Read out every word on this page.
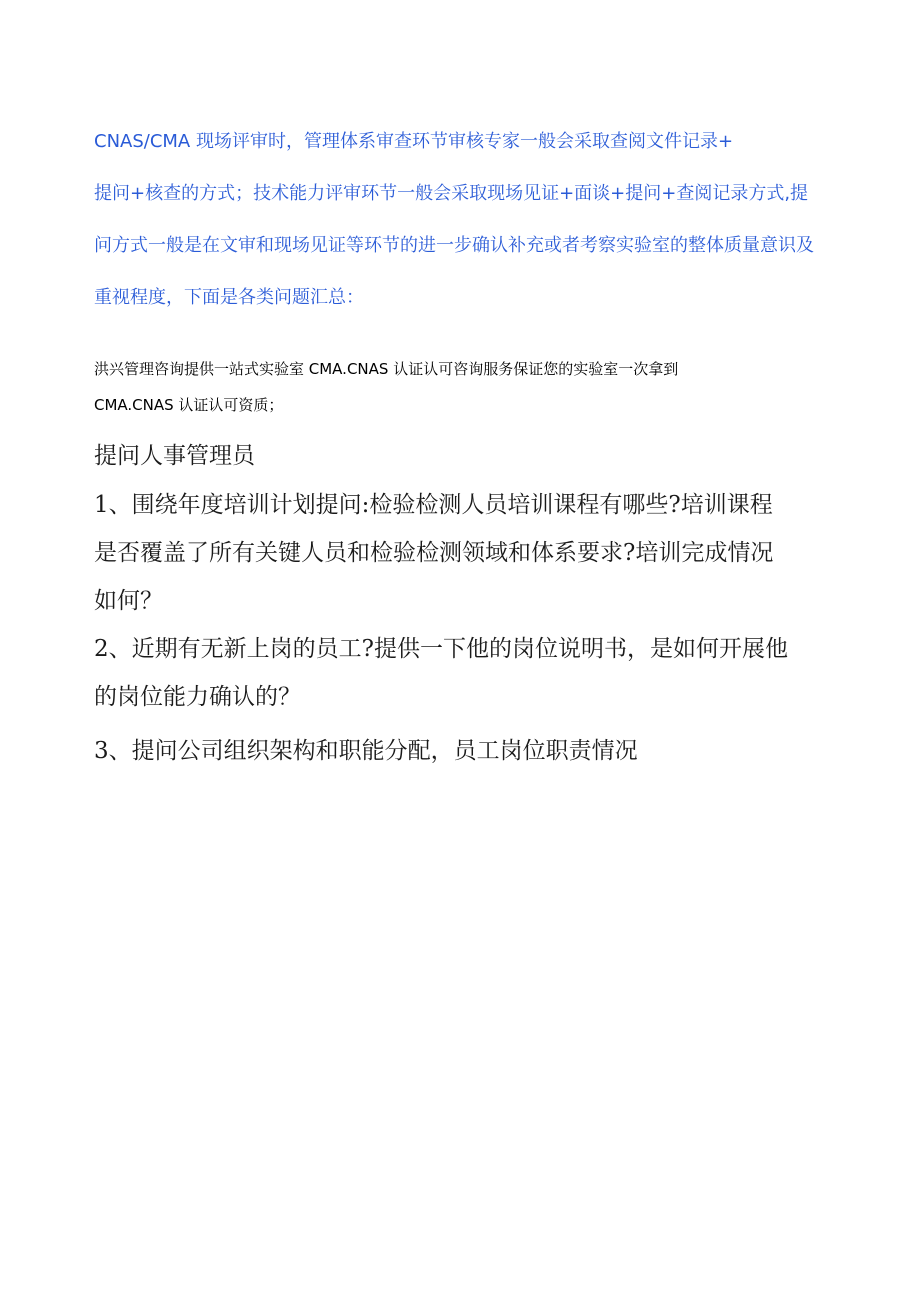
CNAS/CMA 现场评审时，管理体系审查环节审核专家一般会采取查阅文件记录+
提问+核查的方式；技术能力评审环节一般会采取现场见证+面谈+提问+查阅记录方式,提
问方式一般是在文审和现场见证等环节的进一步确认补充或者考察实验室的整体质量意识及
重视程度，下面是各类问题汇总：
洪兴管理咨询提供一站式实验室 CMA.CNAS 认证认可咨询服务保证您的实验室一次拿到
CMA.CNAS 认证认可资质；
提问人事管理员
1、围绕年度培训计划提问:检验检测人员培训课程有哪些?培训课程
是否覆盖了所有关键人员和检验检测领域和体系要求?培训完成情况
如何？
2、近期有无新上岗的员工?提供一下他的岗位说明书，是如何开展他
的岗位能力确认的？
3、提问公司组织架构和职能分配，员工岗位职责情况
